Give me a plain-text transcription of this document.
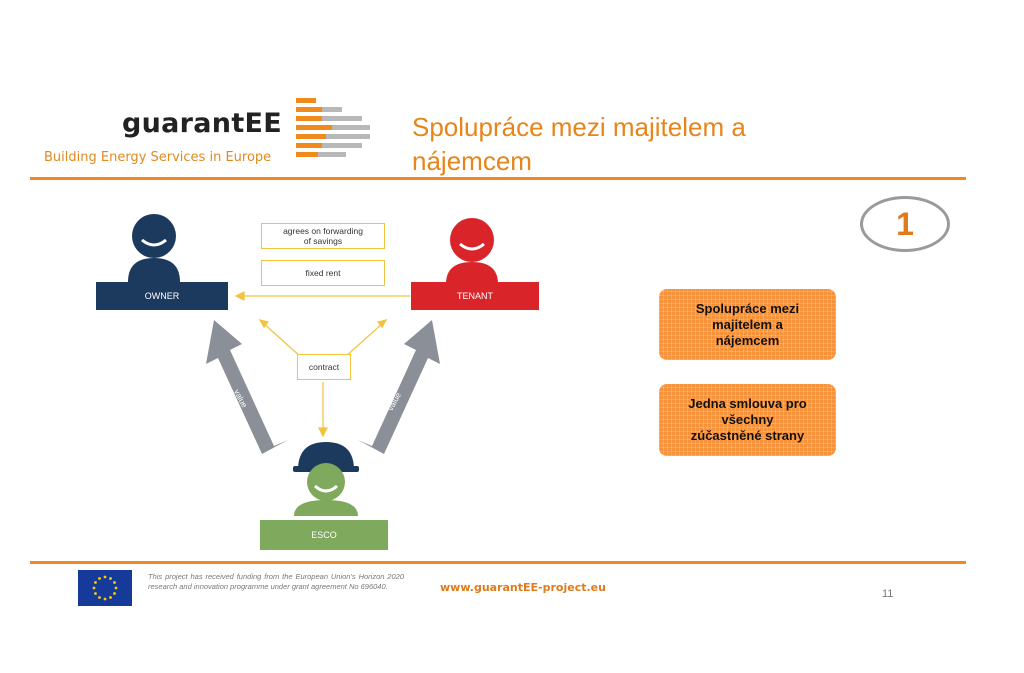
guarantEE
Building Energy Services in Europe
Spolupráce mezi majitelem a
nájemcem
1
OWNER	TENANT
ESCO
agrees on forwarding
of savings
fixed rent
contract
value	value
Spolupráce mezi
majitelem a
nájemcem
Jedna smlouva pro
všechny
zúčastněné strany
This project has received funding from the European Union's Horizon 2020 research and innovation programme under grant agreement No 696040.	www.guarantEE-project.eu	11
